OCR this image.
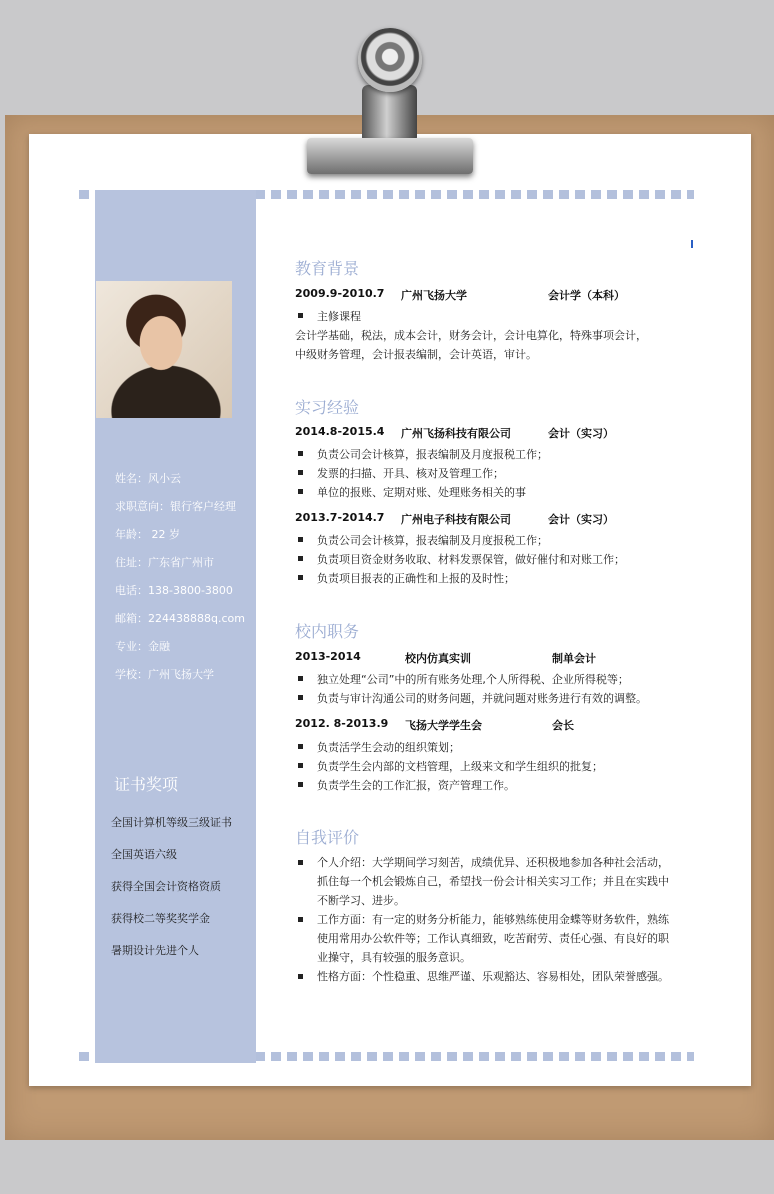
姓名：风小云
求职意向：银行客户经理
年龄： 22 岁
住址：广东省广州市
电话：138-3800-3800
邮箱：224438888q.com
专业：金融
学校：广州飞扬大学
证书奖项
全国计算机等级三级证书
全国英语六级
获得全国会计资格资质
获得校二等奖奖学金
暑期设计先进个人
教育背景
2009.9-2010.7 广州飞扬大学	会计学（本科）
主修课程
会计学基础，税法，成本会计，财务会计，会计电算化，特殊事项会计，
中级财务管理，会计报表编制，会计英语，审计。
实习经验
2014.8-2015.4 广州飞扬科技有限公司	会计（实习）
负责公司会计核算，报表编制及月度报税工作；
发票的扫描、开具、核对及管理工作；
单位的报账、定期对账、处理账务相关的事
2013.7-2014.7 广州电子科技有限公司	会计（实习）
负责公司会计核算，报表编制及月度报税工作；
负责项目资金财务收取、材料发票保管，做好催付和对账工作；
负责项目报表的正确性和上报的及时性；
校内职务
2013-2014	校内仿真实训	制单会计
独立处理“公司”中的所有账务处理,个人所得税、企业所得税等；
负责与审计沟通公司的财务问题，并就问题对账务进行有效的调整。
2012. 8-2013.9 飞扬大学学生会	会长
负责活学生会动的组织策划；
负责学生会内部的文档管理，上级来文和学生组织的批复；
负责学生会的工作汇报，资产管理工作。
自我评价
个人介绍：大学期间学习刻苦，成绩优异、还积极地参加各种社会活动，抓住每一个机会锻炼自己，希望找一份会计相关实习工作；并且在实践中不断学习、进步。
工作方面：有一定的财务分析能力，能够熟练使用金蝶等财务软件，熟练使用常用办公软件等；工作认真细致，吃苦耐劳、责任心强、有良好的职业操守，具有较强的服务意识。
性格方面：个性稳重、思维严谨、乐观豁达、容易相处，团队荣誉感强。
